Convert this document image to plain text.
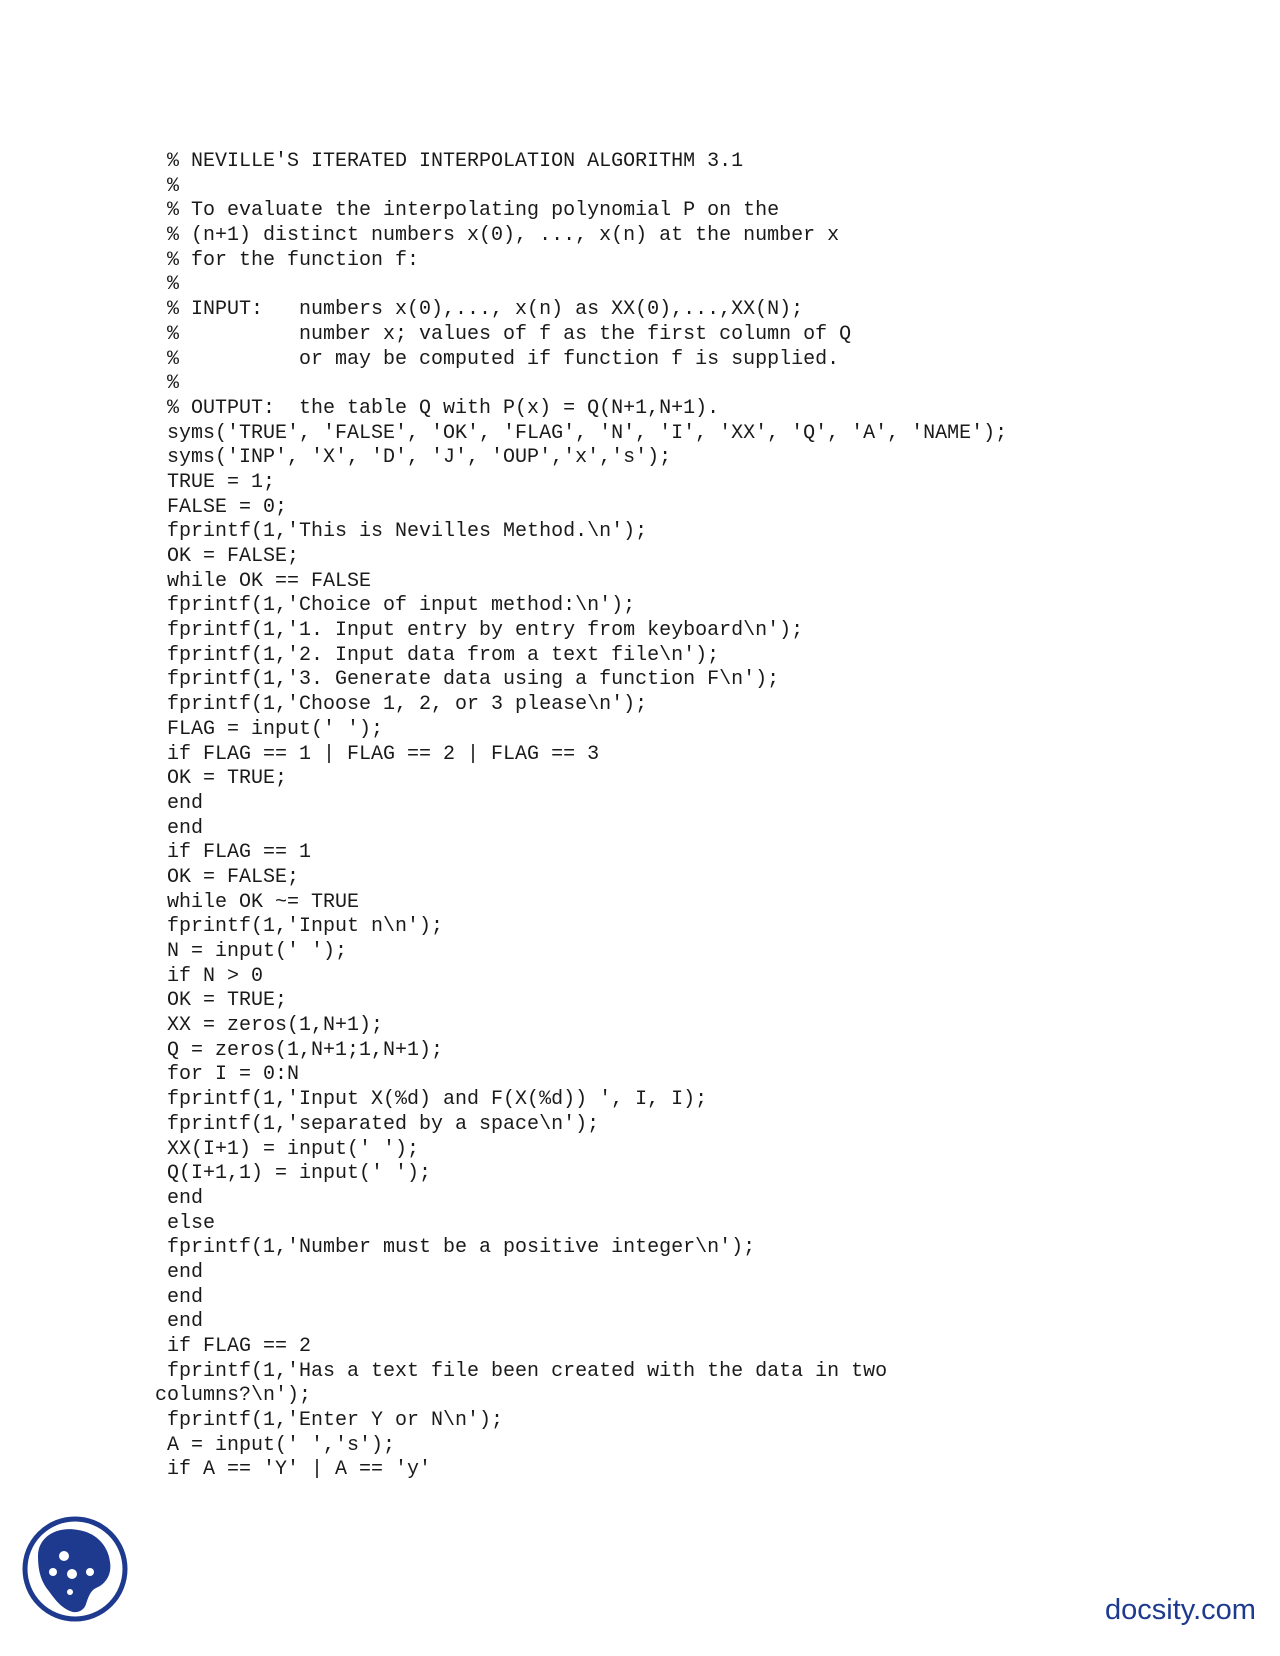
% NEVILLE'S ITERATED INTERPOLATION ALGORITHM 3.1
%
% To evaluate the interpolating polynomial P on the
% (n+1) distinct numbers x(0), ..., x(n) at the number x
% for the function f:
%
% INPUT:   numbers x(0),..., x(n) as XX(0),...,XX(N);
%          number x; values of f as the first column of Q
%          or may be computed if function f is supplied.
%
% OUTPUT:  the table Q with P(x) = Q(N+1,N+1).
syms('TRUE', 'FALSE', 'OK', 'FLAG', 'N', 'I', 'XX', 'Q', 'A', 'NAME');
syms('INP', 'X', 'D', 'J', 'OUP','x','s');
TRUE = 1;
FALSE = 0;
fprintf(1,'This is Nevilles Method.\n');
OK = FALSE;
while OK == FALSE
fprintf(1,'Choice of input method:\n');
fprintf(1,'1. Input entry by entry from keyboard\n');
fprintf(1,'2. Input data from a text file\n');
fprintf(1,'3. Generate data using a function F\n');
fprintf(1,'Choose 1, 2, or 3 please\n');
FLAG = input(' ');
if FLAG == 1 | FLAG == 2 | FLAG == 3
OK = TRUE;
end
end
if FLAG == 1
OK = FALSE;
while OK ~= TRUE
fprintf(1,'Input n\n');
N = input(' ');
if N > 0
OK = TRUE;
XX = zeros(1,N+1);
Q = zeros(1,N+1;1,N+1);
for I = 0:N
fprintf(1,'Input X(%d) and F(X(%d)) ', I, I);
fprintf(1,'separated by a space\n');
XX(I+1) = input(' ');
Q(I+1,1) = input(' ');
end
else
fprintf(1,'Number must be a positive integer\n');
end
end
end
if FLAG == 2
fprintf(1,'Has a text file been created with the data in two
columns?\n');
fprintf(1,'Enter Y or N\n');
A = input(' ','s');
if A == 'Y' | A == 'y'
docsity.com
